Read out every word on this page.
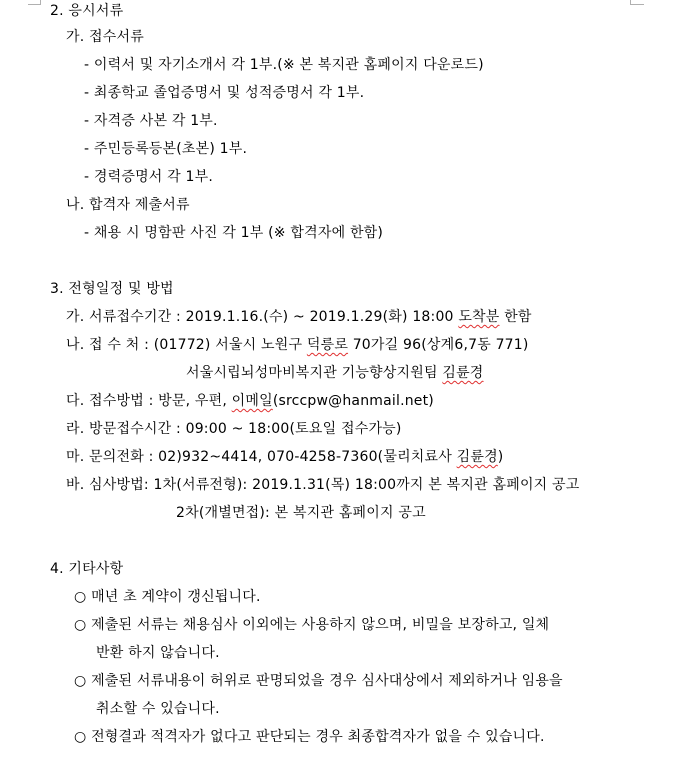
2. 응시서류
가. 접수서류
- 이력서 및 자기소개서 각 1부.(※ 본 복지관 홈페이지 다운로드)
- 최종학교 졸업증명서 및 성적증명서 각 1부.
- 자격증 사본 각 1부.
- 주민등록등본(초본) 1부.
- 경력증명서 각 1부.
나. 합격자 제출서류
- 채용 시 명함판 사진 각 1부 (※ 합격자에 한함)
3. 전형일정 및 방법
가. 서류접수기간 : 2019.1.16.(수) ~ 2019.1.29(화) 18:00 도착분 한함
나. 접 수 처 : (01772) 서울시 노원구 덕릉로 70가길 96(상계6,7동 771)
서울시립뇌성마비복지관 기능향상지원팀 김륜경
다. 접수방법 : 방문, 우편, 이메일(srccpw@hanmail.net)
라. 방문접수시간 : 09:00 ~ 18:00(토요일 접수가능)
마. 문의전화 : 02)932~4414, 070-4258-7360(물리치료사 김륜경)
바. 심사방법: 1차(서류전형): 2019.1.31(목) 18:00까지 본 복지관 홈페이지 공고
2차(개별면접): 본 복지관 홈페이지 공고
4. 기타사항
○ 매년 초 계약이 갱신됩니다.
○ 제출된 서류는 채용심사 이외에는 사용하지 않으며, 비밀을 보장하고, 일체
반환 하지 않습니다.
○ 제출된 서류내용이 허위로 판명되었을 경우 심사대상에서 제외하거나 임용을
취소할 수 있습니다.
○ 전형결과 적격자가 없다고 판단되는 경우 최종합격자가 없을 수 있습니다.
